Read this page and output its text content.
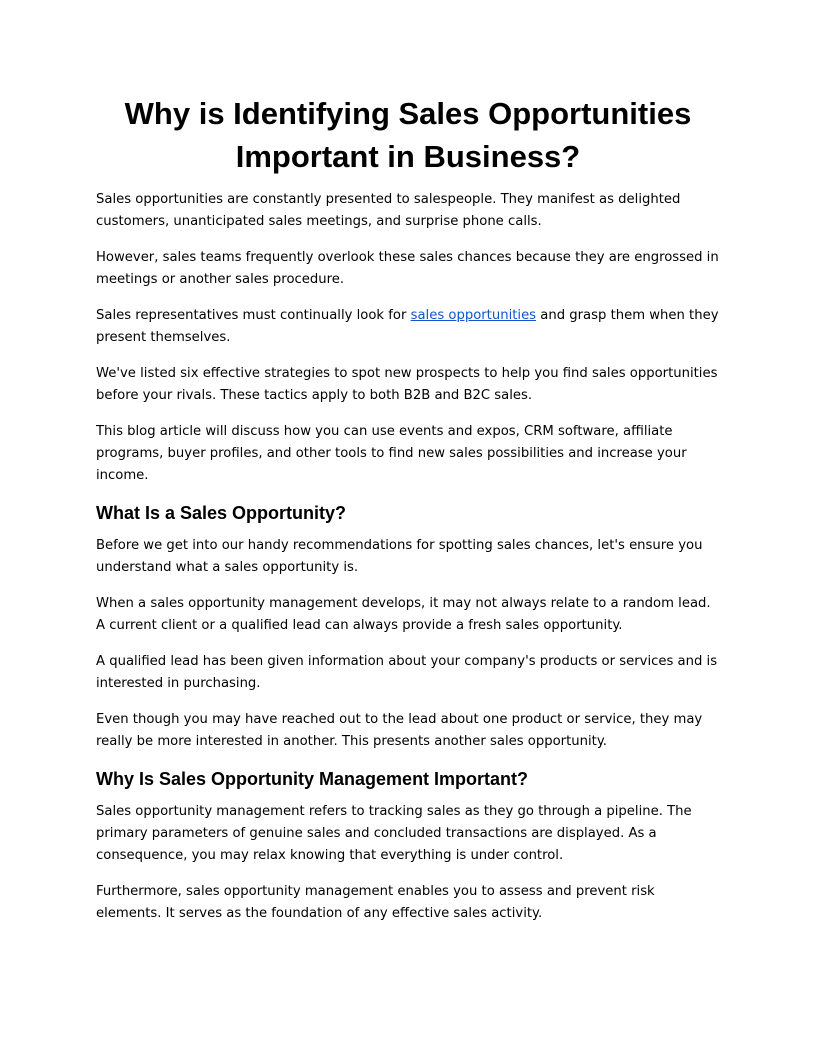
Why is Identifying Sales Opportunities
Important in Business?

Sales opportunities are constantly presented to salespeople. They manifest as delighted customers, unanticipated sales meetings, and surprise phone calls.

However, sales teams frequently overlook these sales chances because they are engrossed in meetings or another sales procedure.

Sales representatives must continually look for sales opportunities and grasp them when they present themselves.

We've listed six effective strategies to spot new prospects to help you find sales opportunities before your rivals. These tactics apply to both B2B and B2C sales.

This blog article will discuss how you can use events and expos, CRM software, affiliate programs, buyer profiles, and other tools to find new sales possibilities and increase your income.

What Is a Sales Opportunity?

Before we get into our handy recommendations for spotting sales chances, let's ensure you understand what a sales opportunity is.

When a sales opportunity management develops, it may not always relate to a random lead. A current client or a qualified lead can always provide a fresh sales opportunity.

A qualified lead has been given information about your company's products or services and is interested in purchasing.

Even though you may have reached out to the lead about one product or service, they may really be more interested in another. This presents another sales opportunity.

Why Is Sales Opportunity Management Important?

Sales opportunity management refers to tracking sales as they go through a pipeline. The primary parameters of genuine sales and concluded transactions are displayed. As a consequence, you may relax knowing that everything is under control.

Furthermore, sales opportunity management enables you to assess and prevent risk elements. It serves as the foundation of any effective sales activity.
